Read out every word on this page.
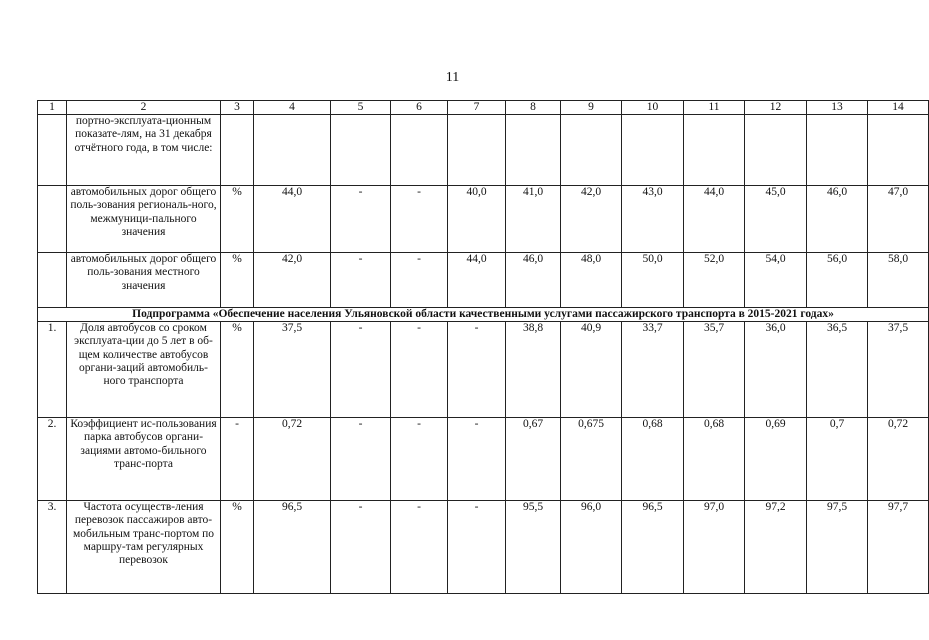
11
1	2	3	4	5	6	7	8	9	10	11	12	13	14
	портно-эксплуата-ционным показате-лям, на 31 декабря отчётного года, в том числе:												
	автомобильных дорог общего поль-зования региональ-ного, межмуници-пального значения	%	44,0	-	-	40,0	41,0	42,0	43,0	44,0	45,0	46,0	47,0
	автомобильных дорог общего поль-зования местного значения	%	42,0	-	-	44,0	46,0	48,0	50,0	52,0	54,0	56,0	58,0
Подпрограмма «Обеспечение населения Ульяновской области качественными услугами пассажирского транспорта в 2015-2021 годах»													
1.	Доля автобусов со сроком эксплуата-ции до 5 лет в об-щем количестве автобусов органи-заций автомобиль-ного транспорта	%	37,5	-	-	-	38,8	40,9	33,7	35,7	36,0	36,5	37,5
2.	Коэффициент ис-пользования парка автобусов органи-зациями автомо-бильного транс-порта	-	0,72	-	-	-	0,67	0,675	0,68	0,68	0,69	0,7	0,72
3.	Частота осуществ-ления перевозок пассажиров авто-мобильным транс-портом по маршру-там регулярных перевозок	%	96,5	-	-	-	95,5	96,0	96,5	97,0	97,2	97,5	97,7
